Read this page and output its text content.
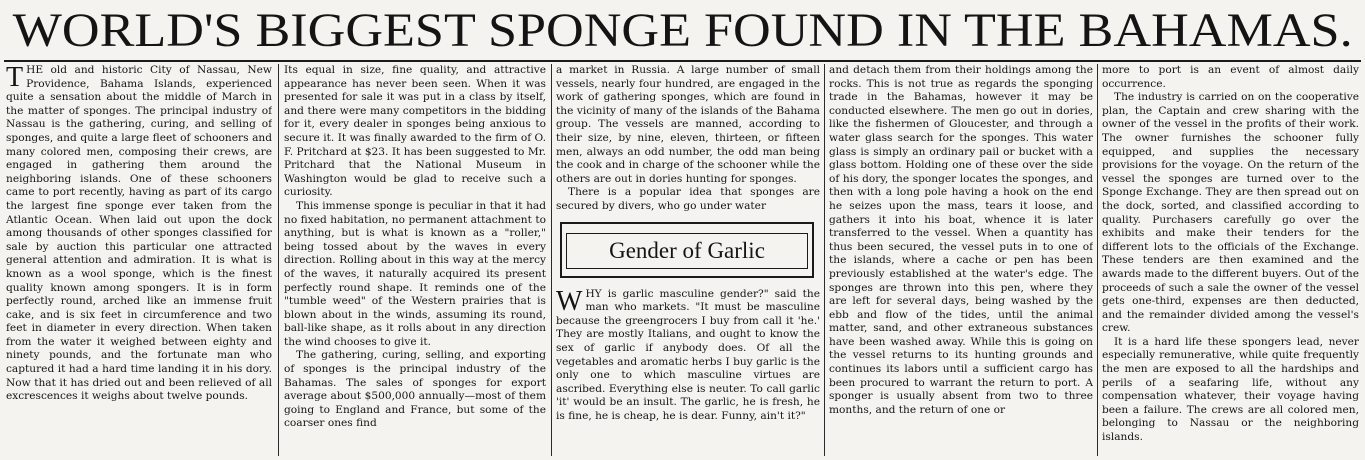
WORLD'S BIGGEST SPONGE FOUND IN THE BAHAMAS.

THE old and historic City of Nassau, New Providence, Bahama Islands, experienced quite a sensation about the middle of March in the matter of sponges. The principal industry of Nassau is the gathering, curing, and selling of sponges, and quite a large fleet of schooners and many colored men, composing their crews, are engaged in gathering them around the neighboring islands. One of these schooners came to port recently, having as part of its cargo the largest fine sponge ever taken from the Atlantic Ocean. When laid out upon the dock among thousands of other sponges classified for sale by auction this particular one attracted general attention and admiration. It is what is known as a wool sponge, which is the finest quality known among spongers. It is in form perfectly round, arched like an immense fruit cake, and is six feet in circumference and two feet in diameter in every direction. When taken from the water it weighed between eighty and ninety pounds, and the fortunate man who captured it had a hard time landing it in his dory. Now that it has dried out and been relieved of all excrescences it weighs about twelve pounds.

Its equal in size, fine quality, and attractive appearance has never been seen. When it was presented for sale it was put in a class by itself, and there were many competitors in the bidding for it, every dealer in sponges being anxious to secure it. It was finally awarded to the firm of O. F. Pritchard at $23. It has been suggested to Mr. Pritchard that the National Museum in Washington would be glad to receive such a curiosity.

This immense sponge is peculiar in that it had no fixed habitation, no permanent attachment to anything, but is what is known as a "roller," being tossed about by the waves in every direction. Rolling about in this way at the mercy of the waves, it naturally acquired its present perfectly round shape. It reminds one of the "tumble weed" of the Western prairies that is blown about in the winds, assuming its round, ball-like shape, as it rolls about in any direction the wind chooses to give it.

The gathering, curing, selling, and exporting of sponges is the principal industry of the Bahamas. The sales of sponges for export average about $500,000 annually—most of them going to England and France, but some of the coarser ones find

a market in Russia. A large number of small vessels, nearly four hundred, are engaged in the work of gathering sponges, which are found in the vicinity of many of the islands of the Bahama group. The vessels are manned, according to their size, by nine, eleven, thirteen, or fifteen men, always an odd number, the odd man being the cook and in charge of the schooner while the others are out in dories hunting for sponges.

There is a popular idea that sponges are secured by divers, who go under water

Gender of Garlic

WHY is garlic masculine gender?" said the man who markets. "It must be masculine because the greengrocers I buy from call it 'he.' They are mostly Italians, and ought to know the sex of garlic if anybody does. Of all the vegetables and aromatic herbs I buy garlic is the only one to which masculine virtues are ascribed. Everything else is neuter. To call garlic 'it' would be an insult. The garlic, he is fresh, he is fine, he is cheap, he is dear. Funny, ain't it?"

and detach them from their holdings among the rocks. This is not true as regards the sponging trade in the Bahamas, however it may be conducted elsewhere. The men go out in dories, like the fishermen of Gloucester, and through a water glass search for the sponges. This water glass is simply an ordinary pail or bucket with a glass bottom. Holding one of these over the side of his dory, the sponger locates the sponges, and then with a long pole having a hook on the end he seizes upon the mass, tears it loose, and gathers it into his boat, whence it is later transferred to the vessel. When a quantity has thus been secured, the vessel puts in to one of the islands, where a cache or pen has been previously established at the water's edge. The sponges are thrown into this pen, where they are left for several days, being washed by the ebb and flow of the tides, until the animal matter, sand, and other extraneous substances have been washed away. While this is going on the vessel returns to its hunting grounds and continues its labors until a sufficient cargo has been procured to warrant the return to port. A sponger is usually absent from two to three months, and the return of one or

more to port is an event of almost daily occurrence.

The industry is carried on on the cooperative plan, the Captain and crew sharing with the owner of the vessel in the profits of their work. The owner furnishes the schooner fully equipped, and supplies the necessary provisions for the voyage. On the return of the vessel the sponges are turned over to the Sponge Exchange. They are then spread out on the dock, sorted, and classified according to quality. Purchasers carefully go over the exhibits and make their tenders for the different lots to the officials of the Exchange. These tenders are then examined and the awards made to the different buyers. Out of the proceeds of such a sale the owner of the vessel gets one-third, expenses are then deducted, and the remainder divided among the vessel's crew.

It is a hard life these spongers lead, never especially remunerative, while quite frequently the men are exposed to all the hardships and perils of a seafaring life, without any compensation whatever, their voyage having been a failure. The crews are all colored men, belonging to Nassau or the neighboring islands.
